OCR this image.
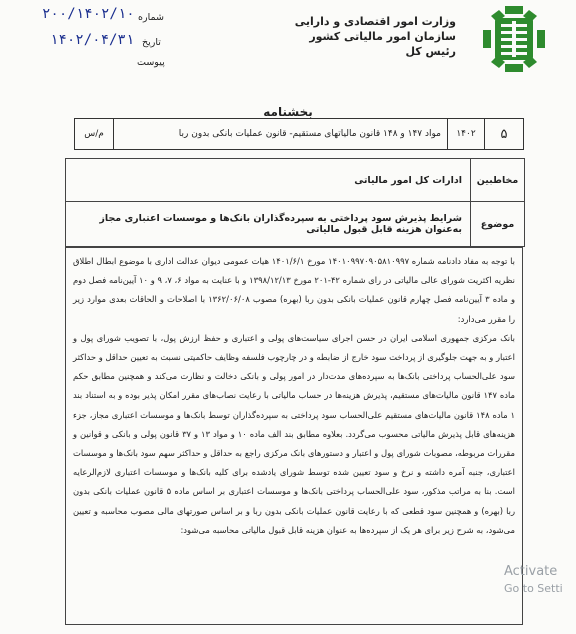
۲۰۰/۱۴۰۲/۱۰
۱۴۰۲/۰۴/۳۱
شماره
تاریخ
پیوست
وزارت امور اقتصادی و دارایی
سازمان امور مالیاتی کشور
رئیس کل
بخشنامه
۵
۱۴۰۲
مواد ۱۴۷ و ۱۴۸ قانون مالیاتهای مستقیم- قانون عملیات بانکی بدون ربا
م/س
مخاطبین
ادارات کل امور مالیاتی
موضوع
شرایط پذیرش سود پرداختی به سپرده‌گذاران بانک‌ها و موسسات اعتباری مجاز به‌عنوان هزینه قابل قبول مالیاتی

با توجه به مفاد دادنامه شماره ۱۴۰۱۰۹۹۷۰۹۰۵۸۱۰۹۹۷ مورخ ۱۴۰۱/۶/۱ هیات عمومی دیوان عدالت اداری با موضوع ابطال اطلاق نظریه اکثریت شورای عالی مالیاتی در رای شماره ۴۲-۲۰۱ مورخ ۱۳۹۸/۱۲/۱۳ و با عنایت به مواد ۶، ۷، ۹ و ۱۰ آیین‌نامه فصل دوم و ماده ۳ آیین‌نامه فصل چهارم قانون عملیات بانکی بدون ربا (بهره) مصوب ۱۳۶۲/۰۶/۰۸ با اصلاحات و الحاقات بعدی موارد زیر را مقرر می‌دارد:

بانک مرکزی جمهوری اسلامی ایران در حسن اجرای سیاست‌های پولی و اعتباری و حفظ ارزش پول، با تصویب شورای پول و اعتبار و به جهت جلوگیری از پرداخت سود خارج از ضابطه و در چارچوب فلسفه وظایف حاکمیتی نسبت به تعیین حداقل و حداکثر سود علی‌الحساب پرداختی بانک‌ها به سپرده‌های مدت‌دار در امور پولی و بانکی دخالت و نظارت می‌کند و همچنین مطابق حکم ماده ۱۴۷ قانون مالیات‌های مستقیم، پذیرش هزینه‌ها در حساب مالیاتی با رعایت نصاب‌های مقرر امکان پذیر بوده و به استناد بند ۱ ماده ۱۴۸ قانون مالیات‌های مستقیم علی‌الحساب سود پرداختی به سپرده‌گذاران توسط بانک‌ها و موسسات اعتباری مجاز، جزء هزینه‌های قابل پذیرش مالیاتی محسوب می‌گردد. بعلاوه مطابق بند الف ماده ۱۰ و مواد ۱۳ و ۳۷ قانون پولی و بانکی و قوانین و مقررات مربوطه، مصوبات شورای پول و اعتبار و دستورهای بانک مرکزی راجع به حداقل و حداکثر سهم سود بانک‌ها و موسسات اعتباری، جنبه آمره داشته و نرخ و سود تعیین شده توسط شورای یادشده برای کلیه بانک‌ها و موسسات اعتباری لازم‌الرعایه است. بنا به مراتب مذکور، سود علی‌الحساب پرداختی بانک‌ها و موسسات اعتباری بر اساس ماده ۵ قانون عملیات بانکی بدون ربا (بهره) و همچنین سود قطعی که با رعایت قانون عملیات بانکی بدون ربا و بر اساس صورتهای مالی مصوب محاسبه و تعیین می‌شود، به شرح زیر برای هر یک از سپرده‌ها به عنوان هزینه قابل قبول مالیاتی محاسبه می‌شود:

Activate
Go to Setti
